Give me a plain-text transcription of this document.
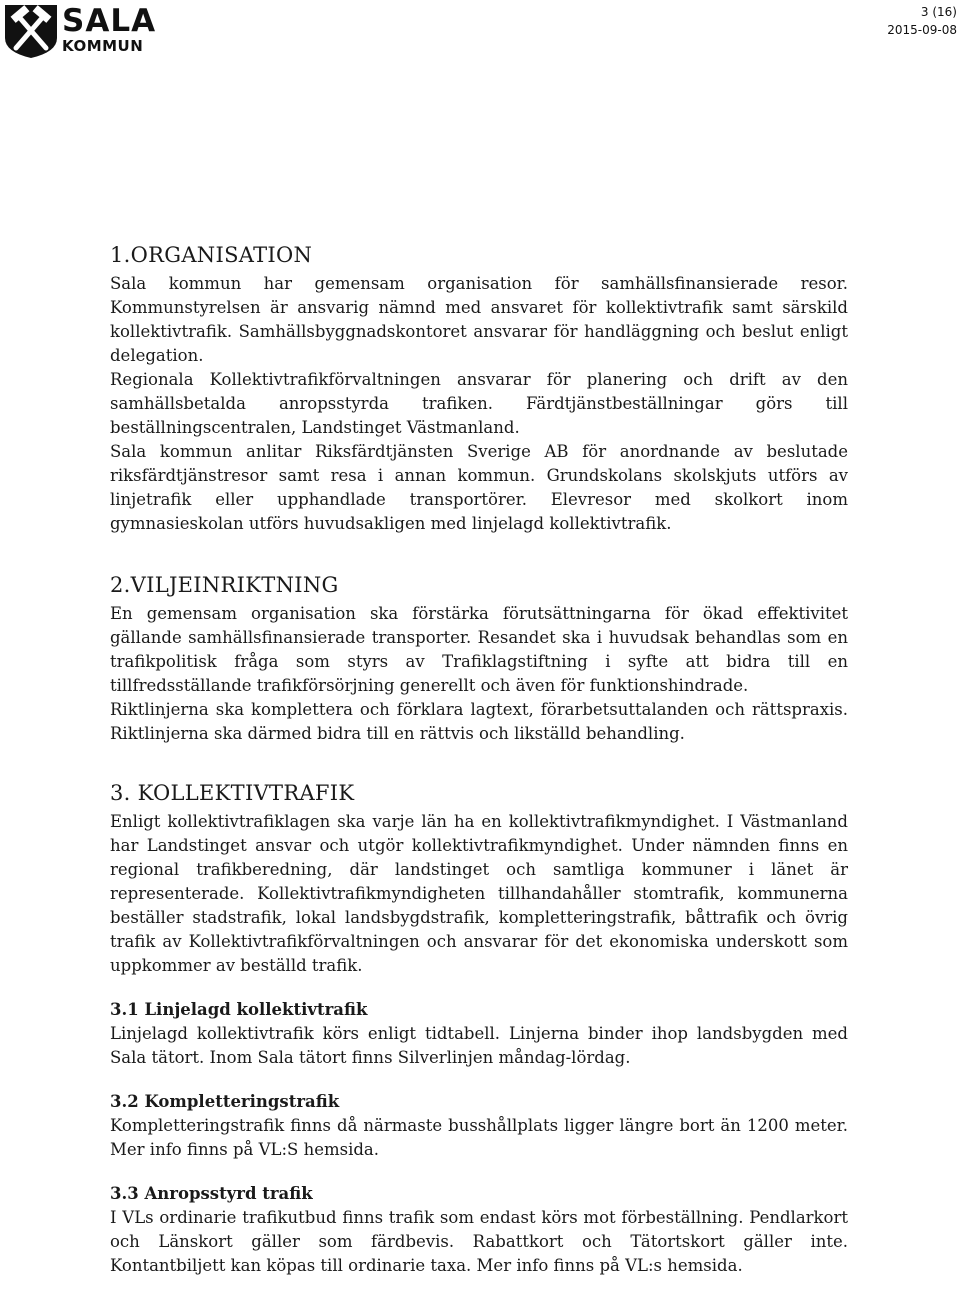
SALA
KOMMUN
3 (16)
2015-09-08
1.ORGANISATION

Sala kommun har gemensam organisation för samhällsfinansierade resor. Kommunstyrelsen är ansvarig nämnd med ansvaret för kollektivtrafik samt särskild kollektivtrafik. Samhällsbyggnadskontoret ansvarar för handläggning och beslut enligt delegation.

Regionala Kollektivtrafikförvaltningen ansvarar för planering och drift av den samhällsbetalda anropsstyrda trafiken. Färdtjänstbeställningar görs till beställningscentralen, Landstinget Västmanland.

Sala kommun anlitar Riksfärdtjänsten Sverige AB för anordnande av beslutade riksfärdtjänstresor samt resa i annan kommun. Grundskolans skolskjuts utförs av linjetrafik eller upphandlade transportörer. Elevresor med skolkort inom gymnasieskolan utförs huvudsakligen med linjelagd kollektivtrafik.

2.VILJEINRIKTNING

En gemensam organisation ska förstärka förutsättningarna för ökad effektivitet gällande samhällsfinansierade transporter. Resandet ska i huvudsak behandlas som en trafikpolitisk fråga som styrs av Trafiklagstiftning i syfte att bidra till en tillfredsställande trafikförsörjning generellt och även för funktionshindrade.

Riktlinjerna ska komplettera och förklara lagtext, förarbetsuttalanden och rättspraxis. Riktlinjerna ska därmed bidra till en rättvis och likställd behandling.

3. KOLLEKTIVTRAFIK

Enligt kollektivtrafiklagen ska varje län ha en kollektivtrafikmyndighet. I Västmanland har Landstinget ansvar och utgör kollektivtrafikmyndighet. Under nämnden finns en regional trafikberedning, där landstinget och samtliga kommuner i länet är representerade. Kollektivtrafikmyndigheten tillhandahåller stomtrafik, kommunerna beställer stadstrafik, lokal landsbygdstrafik, kompletteringstrafik, båttrafik och övrig trafik av Kollektivtrafikförvaltningen och ansvarar för det ekonomiska underskott som uppkommer av beställd trafik.

3.1 Linjelagd kollektivtrafik

Linjelagd kollektivtrafik körs enligt tidtabell. Linjerna binder ihop landsbygden med Sala tätort. Inom Sala tätort finns Silverlinjen måndag-lördag.

3.2 Kompletteringstrafik

Kompletteringstrafik finns då närmaste busshållplats ligger längre bort än 1200 meter. Mer info finns på VL:S hemsida.

3.3 Anropsstyrd trafik

I VLs ordinarie trafikutbud finns trafik som endast körs mot förbeställning. Pendlarkort och Länskort gäller som färdbevis. Rabattkort och Tätortskort gäller inte. Kontantbiljett kan köpas till ordinarie taxa. Mer info finns på VL:s hemsida.
